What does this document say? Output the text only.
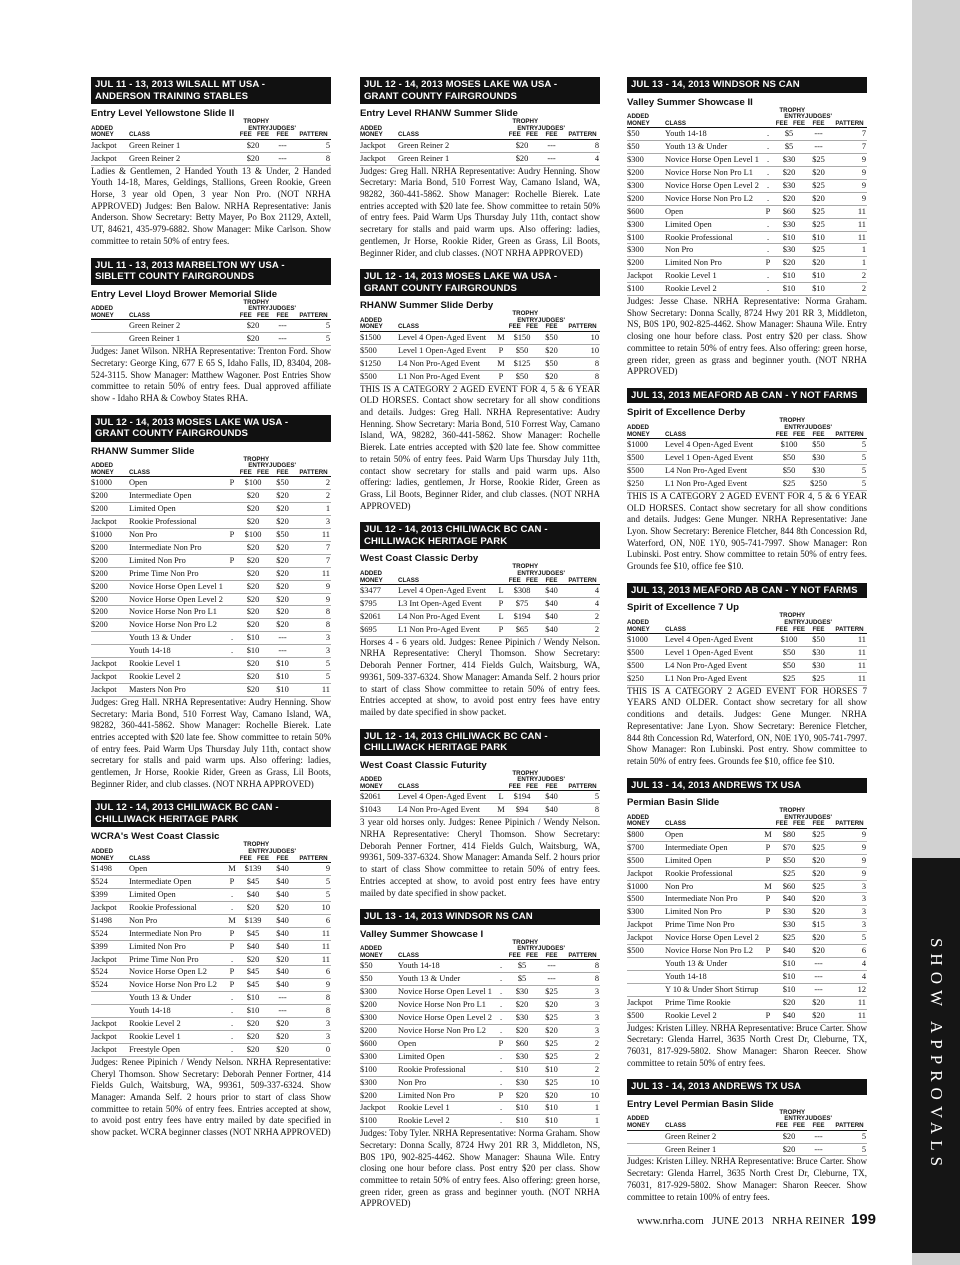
JUL 11 - 13, 2013 WILSALL MT USA -
ANDERSON TRAINING STABLES
Entry Level Yellowstone Slide II
ADDED
MONEY	CLASS	TROPHY ENTRY
FEE FEE		JUDGES'
FEE	PATTERN
Jackpot	Green Reiner 1		$20	---	5
Jackpot	Green Reiner 2		$20	---	8

Ladies & Gentlemen, 2 Handed Youth 13 & Under, 2 Handed Youth 14-18, Mares, Geldings, Stallions, Green Rookie, Green Horse, 3 year old Open, 3 year Non Pro. (NOT NRHA APPROVED) Judges: Ben Balow. NRHA Representative: Janis Anderson. Show Secretary: Betty Mayer, Po Box 21129, Axtell, UT, 84621, 435-979-6882. Show Manager: Mike Carlson. Show committee to retain 50% of entry fees.

JUL 11 - 13, 2013 MARBELTON WY USA -
SIBLETT COUNTY FAIRGROUNDS
Entry Level Lloyd Brower Memorial Slide
ADDED
MONEY	CLASS	TROPHY ENTRY
FEE FEE		JUDGES'
FEE	PATTERN
	Green Reiner 2		$20	---	5
	Green Reiner 1		$20	---	5

Judges: Janet Wilson. NRHA Representative: Trenton Ford. Show Secretary: George King, 677 E 65 S, Idaho Falls, ID, 83404, 208-524-3115. Show Manager: Matthew Wagoner. Post Entries Show committee to retain 50% of entry fees. Dual approved affiliate show - Idaho RHA & Cowboy States RHA.

JUL 12 - 14, 2013 MOSES LAKE WA USA -
GRANT COUNTY FAIRGROUNDS
RHANW Summer Slide
ADDED
MONEY	CLASS	TROPHY ENTRY
FEE FEE		JUDGES'
FEE	PATTERN
$1000	Open	P	$100	$50	2
$200	Intermediate Open		$20	$20	2
$200	Limited Open		$20	$20	1
Jackpot	Rookie Professional		$20	$20	3
$1000	Non Pro	P	$100	$50	11
$200	Intermediate Non Pro		$20	$20	7
$200	Limited Non Pro	P	$20	$20	7
$200	Prime Time Non Pro		$20	$20	11
$200	Novice Horse Open Level 1		$20	$20	9
$200	Novice Horse Open Level 2		$20	$20	9
$200	Novice Horse Non Pro L1		$20	$20	8
$200	Novice Horse Non Pro L2		$20	$20	8
	Youth 13 & Under	.	$10	---	3
	Youth 14-18	.	$10	---	3
Jackpot	Rookie Level 1		$20	$10	5
Jackpot	Rookie Level 2		$20	$10	5
Jackpot	Masters Non Pro		$20	$10	11

Judges: Greg Hall. NRHA Representative: Audry Henning. Show Secretary: Maria Bond, 510 Forrest Way, Camano Island, WA, 98282, 360-441-5862. Show Manager: Rochelle Bierek. Late entries accepted with $20 late fee. Show committee to retain 50% of entry fees. Paid Warm Ups Thursday July 11th, contact show secretary for stalls and paid warm ups. Also offering: ladies, gentlemen, Jr Horse, Rookie Rider, Green as Grass, Lil Boots, Beginner Rider, and club classes. (NOT NRHA APPROVED)

JUL 12 - 14, 2013 CHILIWACK BC CAN -
CHILLIWACK HERITAGE PARK
WCRA's West Coast Classic
ADDED
MONEY	CLASS	TROPHY ENTRY
FEE FEE		JUDGES'
FEE	PATTERN
$1498	Open	M	$139	$40	9
$524	Intermediate Open	P	$45	$40	5
$399	Limited Open	.	$40	$40	5
Jackpot	Rookie Professional	.	$20	$20	10
$1498	Non Pro	M	$139	$40	6
$524	Intermediate Non Pro	P	$45	$40	11
$399	Limited Non Pro	P	$40	$40	11
Jackpot	Prime Time Non Pro	.	$20	$20	11
$524	Novice Horse Open L2	P	$45	$40	6
$524	Novice Horse Non Pro L2	P	$45	$40	9
	Youth 13 & Under	.	$10	---	8
	Youth 14-18	.	$10	---	8
Jackpot	Rookie Level 2	.	$20	$20	3
Jackpot	Rookie Level 1	.	$20	$20	3
Jackpot	Freestyle Open	.	$20	$20	0

Judges: Renee Pipinich / Wendy Nelson. NRHA Representative: Cheryl Thomson. Show Secretary: Deborah Penner Fortner, 414 Fields Gulch, Waitsburg, WA, 99361, 509-337-6324. Show Manager: Amanda Self. 2 hours prior to start of class Show committee to retain 50% of entry fees. Entries accepted at show, to avoid post entry fees have entry mailed by date specified in show packet. WCRA beginner classes (NOT NRHA APPROVED)

JUL 12 - 14, 2013 MOSES LAKE WA USA -
GRANT COUNTY FAIRGROUNDS
Entry Level RHANW Summer Slide
ADDED
MONEY	CLASS	TROPHY ENTRY
FEE FEE		JUDGES'
FEE	PATTERN
Jackpot	Green Reiner 2		$20	---	8
Jackpot	Green Reiner 1		$20	---	4

Judges: Greg Hall. NRHA Representative: Audry Henning. Show Secretary: Maria Bond, 510 Forrest Way, Camano Island, WA, 98282, 360-441-5862. Show Manager: Rochelle Bierek. Late entries accepted with $20 late fee. Show committee to retain 50% of entry fees. Paid Warm Ups Thursday July 11th, contact show secretary for stalls and paid warm ups. Also offering: ladies, gentlemen, Jr Horse, Rookie Rider, Green as Grass, Lil Boots, Beginner Rider, and club classes. (NOT NRHA APPROVED)

JUL 12 - 14, 2013 MOSES LAKE WA USA -
GRANT COUNTY FAIRGROUNDS
RHANW Summer Slide Derby
ADDED
MONEY	CLASS	TROPHY ENTRY
FEE FEE		JUDGES'
FEE	PATTERN
$1500	Level 4 Open-Aged Event	M	$150	$50	10
$500	Level 1 Open-Aged Event	P	$50	$20	10
$1250	L4 Non Pro-Aged Event	M	$125	$50	8
$500	L1 Non Pro-Aged Event	P	$50	$20	8

THIS IS A CATEGORY 2 AGED EVENT FOR 4, 5 & 6 YEAR OLD HORSES. Contact show secretary for all show conditions and details. Judges: Greg Hall. NRHA Representative: Audry Henning. Show Secretary: Maria Bond, 510 Forrest Way, Camano Island, WA, 98282, 360-441-5862. Show Manager: Rochelle Bierek. Late entries accepted with $20 late fee. Show committee to retain 50% of entry fees. Paid Warm Ups Thursday July 11th, contact show secretary for stalls and paid warm ups. Also offering: ladies, gentlemen, Jr Horse, Rookie Rider, Green as Grass, Lil Boots, Beginner Rider, and club classes. (NOT NRHA APPROVED)

JUL 12 - 14, 2013 CHILIWACK BC CAN -
CHILLIWACK HERITAGE PARK
West Coast Classic Derby
ADDED
MONEY	CLASS	TROPHY ENTRY
FEE FEE		JUDGES'
FEE	PATTERN
$3477	Level 4 Open-Aged Event	L	$308	$40	4
$795	L3 Int Open-Aged Event	P	$75	$40	4
$2061	L4 Non Pro-Aged Event	L	$194	$40	2
$695	L1 Non Pro-Aged Event	P	$65	$40	2

Horses 4 - 6 years old. Judges: Renee Pipinich / Wendy Nelson. NRHA Representative: Cheryl Thomson. Show Secretary: Deborah Penner Fortner, 414 Fields Gulch, Waitsburg, WA, 99361, 509-337-6324. Show Manager: Amanda Self. 2 hours prior to start of class Show committee to retain 50% of entry fees. Entries accepted at show, to avoid post entry fees have entry mailed by date specified in show packet.

JUL 12 - 14, 2013 CHILIWACK BC CAN -
CHILLIWACK HERITAGE PARK
West Coast Classic Futurity
ADDED
MONEY	CLASS	TROPHY ENTRY
FEE FEE		JUDGES'
FEE	PATTERN
$2061	Level 4 Open-Aged Event	L	$194	$40	5
$1043	L4 Non Pro-Aged Event	M	$94	$40	8

3 year old horses only. Judges: Renee Pipinich / Wendy Nelson. NRHA Representative: Cheryl Thomson. Show Secretary: Deborah Penner Fortner, 414 Fields Gulch, Waitsburg, WA, 99361, 509-337-6324. Show Manager: Amanda Self. 2 hours prior to start of class Show committee to retain 50% of entry fees. Entries accepted at show, to avoid post entry fees have entry mailed by date specified in show packet.

JUL 13 - 14, 2013 WINDSOR NS CAN
Valley Summer Showcase I
ADDED
MONEY	CLASS	TROPHY ENTRY
FEE FEE		JUDGES'
FEE	PATTERN
$50	Youth 14-18	.	$5	---	8
$50	Youth 13 & Under	.	$5	---	8
$300	Novice Horse Open Level 1	.	$30	$25	3
$200	Novice Horse Non Pro L1	.	$20	$20	3
$300	Novice Horse Open Level 2	.	$30	$25	3
$200	Novice Horse Non Pro L2	.	$20	$20	3
$600	Open	P	$60	$25	2
$300	Limited Open	.	$30	$25	2
$100	Rookie Professional	.	$10	$10	2
$300	Non Pro	.	$30	$25	10
$200	Limited Non Pro	P	$20	$20	10
Jackpot	Rookie Level 1	.	$10	$10	1
$100	Rookie Level 2	.	$10	$10	1

Judges: Toby Tyler. NRHA Representative: Norma Graham. Show Secretary: Donna Scally, 8724 Hwy 201 RR 3, Middleton, NS, B0S 1P0, 902-825-4462. Show Manager: Shauna Wile. Entry closing one hour before class. Post entry $20 per class. Show committee to retain 50% of entry fees. Also offering: green horse, green rider, green as grass and beginner youth. (NOT NRHA APPROVED)

JUL 13 - 14, 2013 WINDSOR NS CAN
Valley Summer Showcase II
ADDED
MONEY	CLASS	TROPHY ENTRY
FEE FEE		JUDGES'
FEE	PATTERN
$50	Youth 14-18	.	$5	---	7
$50	Youth 13 & Under	.	$5	---	7
$300	Novice Horse Open Level 1	.	$30	$25	9
$200	Novice Horse Non Pro L1	.	$20	$20	9
$300	Novice Horse Open Level 2	.	$30	$25	9
$200	Novice Horse Non Pro L2	.	$20	$20	9
$600	Open	P	$60	$25	11
$300	Limited Open	.	$30	$25	11
$100	Rookie Professional	.	$10	$10	11
$300	Non Pro	.	$30	$25	1
$200	Limited Non Pro	P	$20	$20	1
Jackpot	Rookie Level 1	.	$10	$10	2
$100	Rookie Level 2	.	$10	$10	2

Judges: Jesse Chase. NRHA Representative: Norma Graham. Show Secretary: Donna Scally, 8724 Hwy 201 RR 3, Middleton, NS, B0S 1P0, 902-825-4462. Show Manager: Shauna Wile. Entry closing one hour before class. Post entry $20 per class. Show committee to retain 50% of entry fees. Also offering: green horse, green rider, green as grass and beginner youth. (NOT NRHA APPROVED)

JUL 13, 2013 MEAFORD AB CAN - Y NOT FARMS
Spirit of Excellence Derby
ADDED
MONEY	CLASS	TROPHY ENTRY
FEE FEE		JUDGES'
FEE	PATTERN
$1000	Level 4 Open-Aged Event		$100	$50	5
$500	Level 1 Open-Aged Event		$50	$30	5
$500	L4 Non Pro-Aged Event		$50	$30	5
$250	L1 Non Pro-Aged Event		$25	$250	5

THIS IS A CATEGORY 2 AGED EVENT FOR 4, 5 & 6 YEAR OLD HORSES. Contact show secretary for all show conditions and details. Judges: Gene Munger. NRHA Representative: Jane Lyon. Show Secretary: Berenice Fletcher, 844 8th Concession Rd, Waterford, ON, N0E 1Y0, 905-741-7997. Show Manager: Ron Lubinski. Post entry. Show committee to retain 50% of entry fees. Grounds fee $10, office fee $10.

JUL 13, 2013 MEAFORD AB CAN - Y NOT FARMS
Spirit of Excellence 7 Up
ADDED
MONEY	CLASS	TROPHY ENTRY
FEE FEE		JUDGES'
FEE	PATTERN
$1000	Level 4 Open-Aged Event		$100	$50	11
$500	Level 1 Open-Aged Event		$50	$30	11
$500	L4 Non Pro-Aged Event		$50	$30	11
$250	L1 Non Pro-Aged Event		$25	$25	11

THIS IS A CATEGORY 2 AGED EVENT FOR HORSES 7 YEARS AND OLDER. Contact show secretary for all show conditions and details. Judges: Gene Munger. NRHA Representative: Jane Lyon. Show Secretary: Berenice Fletcher, 844 8th Concession Rd, Waterford, ON, N0E 1Y0, 905-741-7997. Show Manager: Ron Lubinski. Post entry. Show committee to retain 50% of entry fees. Grounds fee $10, office fee $10.

JUL 13 - 14, 2013 ANDREWS TX USA
Permian Basin Slide
ADDED
MONEY	CLASS	TROPHY ENTRY
FEE FEE		JUDGES'
FEE	PATTERN
$800	Open	M	$80	$25	9
$700	Intermediate Open	P	$70	$25	9
$500	Limited Open	P	$50	$20	9
Jackpot	Rookie Professional		$25	$20	9
$1000	Non Pro	M	$60	$25	3
$500	Intermediate Non Pro	P	$40	$20	3
$300	Limited Non Pro	P	$30	$20	3
Jackpot	Prime Time Non Pro		$30	$15	3
Jackpot	Novice Horse Open Level 2		$25	$20	5
$500	Novice Horse Non Pro L2	P	$40	$20	6
	Youth 13 & Under		$10	---	4
	Youth 14-18		$10	---	4
	Y 10 & Under Short Stirrup		$10	---	12
Jackpot	Prime Time Rookie		$20	$20	11
$500	Rookie Level 2	P	$40	$20	11

Judges: Kristen Lilley. NRHA Representative: Bruce Carter. Show Secretary: Glenda Harrel, 3635 North Crest Dr, Cleburne, TX, 76031, 817-929-5802. Show Manager: Sharon Reecer. Show committee to retain 50% of entry fees.

JUL 13 - 14, 2013 ANDREWS TX USA
Entry Level Permian Basin Slide
ADDED
MONEY	CLASS	TROPHY ENTRY
FEE FEE		JUDGES'
FEE	PATTERN
	Green Reiner 2		$20	---	5
	Green Reiner 1		$20	---	5

Judges: Kristen Lilley. NRHA Representative: Bruce Carter. Show Secretary: Glenda Harrel, 3635 North Crest Dr, Cleburne, TX, 76031, 817-929-5802. Show Manager: Sharon Reecer. Show committee to retain 100% of entry fees.

SHOW APPROVALS
www.nrha.com JUNE 2013 NRHA REINER 199
